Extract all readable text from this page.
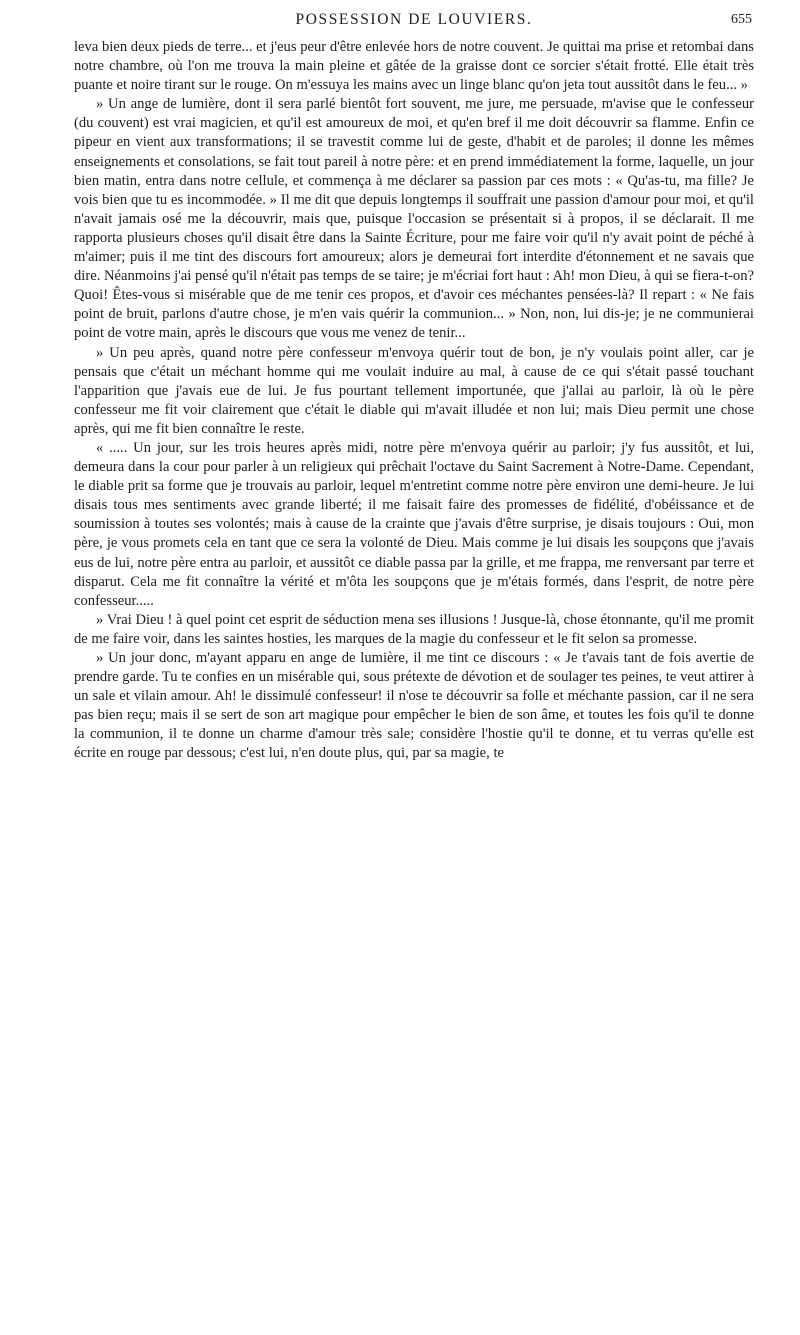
POSSESSION DE LOUVIERS.	655

leva bien deux pieds de terre... et j'eus peur d'être enlevée hors de notre couvent. Je quittai ma prise et retombai dans notre chambre, où l'on me trouva la main pleine et gâtée de la graisse dont ce sorcier s'était frotté. Elle était très puante et noire tirant sur le rouge. On m'essuya les mains avec un linge blanc qu'on jeta tout aussitôt dans le feu... »

» Un ange de lumière, dont il sera parlé bientôt fort souvent, me jure, me persuade, m'avise que le confesseur (du couvent) est vrai magicien, et qu'il est amoureux de moi, et qu'en bref il me doit découvrir sa flamme. Enfin ce pipeur en vient aux transformations; il se travestit comme lui de geste, d'habit et de paroles; il donne les mêmes enseignements et consolations, se fait tout pareil à notre père: et en prend immédiatement la forme, laquelle, un jour bien matin, entra dans notre cellule, et commença à me déclarer sa passion par ces mots : « Qu'as-tu, ma fille? Je vois bien que tu es incommodée. » Il me dit que depuis longtemps il souffrait une passion d'amour pour moi, et qu'il n'avait jamais osé me la découvrir, mais que, puisque l'occasion se présentait si à propos, il se déclarait. Il me rapporta plusieurs choses qu'il disait être dans la Sainte Écriture, pour me faire voir qu'il n'y avait point de péché à m'aimer; puis il me tint des discours fort amoureux; alors je demeurai fort interdite d'étonnement et ne savais que dire. Néanmoins j'ai pensé qu'il n'était pas temps de se taire; je m'écriai fort haut : Ah! mon Dieu, à qui se fiera-t-on? Quoi! Êtes-vous si misérable que de me tenir ces propos, et d'avoir ces méchantes pensées-là? Il repart : « Ne fais point de bruit, parlons d'autre chose, je m'en vais quérir la communion... » Non, non, lui dis-je; je ne communierai point de votre main, après le discours que vous me venez de tenir...

» Un peu après, quand notre père confesseur m'envoya quérir tout de bon, je n'y voulais point aller, car je pensais que c'était un méchant homme qui me voulait induire au mal, à cause de ce qui s'était passé touchant l'apparition que j'avais eue de lui. Je fus pourtant tellement importunée, que j'allai au parloir, là où le père confesseur me fit voir clairement que c'était le diable qui m'avait illudée et non lui; mais Dieu permit une chose après, qui me fit bien connaître le reste.

« ..... Un jour, sur les trois heures après midi, notre père m'envoya quérir au parloir; j'y fus aussitôt, et lui, demeura dans la cour pour parler à un religieux qui prêchait l'octave du Saint Sacrement à Notre-Dame. Cependant, le diable prit sa forme que je trouvais au parloir, lequel m'entretint comme notre père environ une demi-heure. Je lui disais tous mes sentiments avec grande liberté; il me faisait faire des promesses de fidélité, d'obéissance et de soumission à toutes ses volontés; mais à cause de la crainte que j'avais d'être surprise, je disais toujours : Oui, mon père, je vous promets cela en tant que ce sera la volonté de Dieu. Mais comme je lui disais les soupçons que j'avais eus de lui, notre père entra au parloir, et aussitôt ce diable passa par la grille, et me frappa, me renversant par terre et disparut. Cela me fit connaître la vérité et m'ôta les soupçons que je m'étais formés, dans l'esprit, de notre père confesseur.....

» Vrai Dieu ! à quel point cet esprit de séduction mena ses illusions ! Jusque-là, chose étonnante, qu'il me promit de me faire voir, dans les saintes hosties, les marques de la magie du confesseur et le fit selon sa promesse.

» Un jour donc, m'ayant apparu en ange de lumière, il me tint ce discours : « Je t'avais tant de fois avertie de prendre garde. Tu te confies en un misérable qui, sous prétexte de dévotion et de soulager tes peines, te veut attirer à un sale et vilain amour. Ah! le dissimulé confesseur! il n'ose te découvrir sa folle et méchante passion, car il ne sera pas bien reçu; mais il se sert de son art magique pour empêcher le bien de son âme, et toutes les fois qu'il te donne la communion, il te donne un charme d'amour très sale; considère l'hostie qu'il te donne, et tu verras qu'elle est écrite en rouge par dessous; c'est lui, n'en doute plus, qui, par sa magie, te
